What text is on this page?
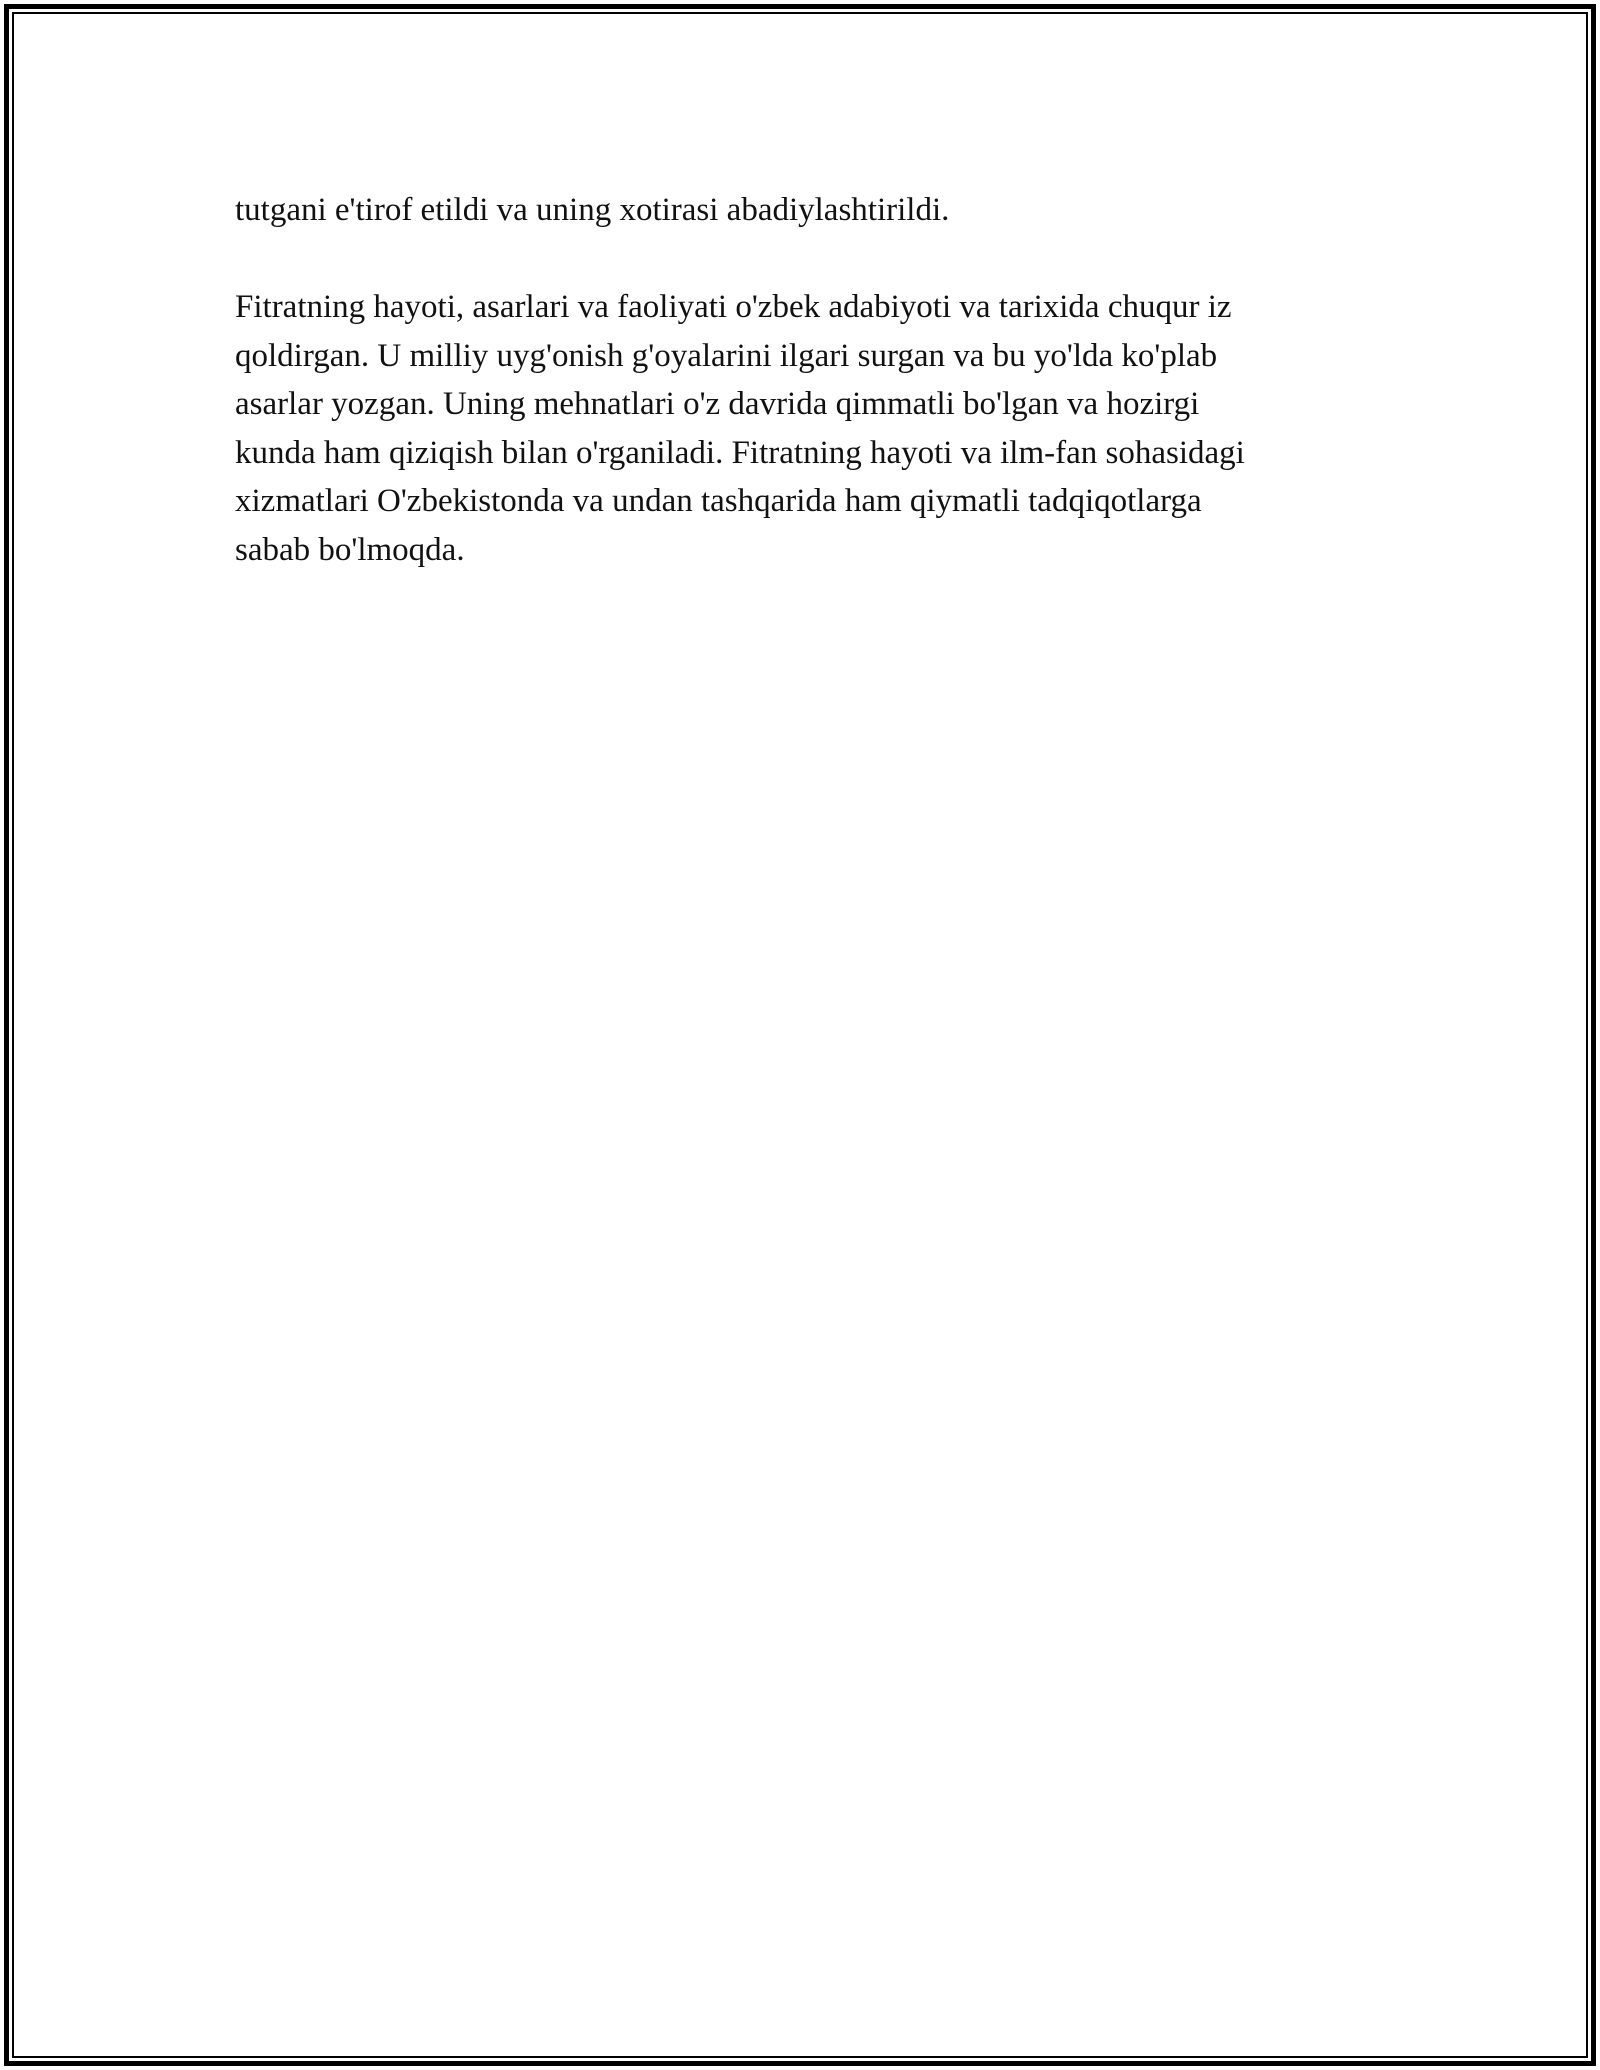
tutgani e'tirof etildi va uning xotirasi abadiylashtirildi.

Fitratning hayoti, asarlari va faoliyati o'zbek adabiyoti va tarixida chuqur iz
qoldirgan. U milliy uyg'onish g'oyalarini ilgari surgan va bu yo'lda ko'plab
asarlar yozgan. Uning mehnatlari o'z davrida qimmatli bo'lgan va hozirgi
kunda ham qiziqish bilan o'rganiladi. Fitratning hayoti va ilm-fan sohasidagi
xizmatlari O'zbekistonda va undan tashqarida ham qiymatli tadqiqotlarga
sabab bo'lmoqda.
